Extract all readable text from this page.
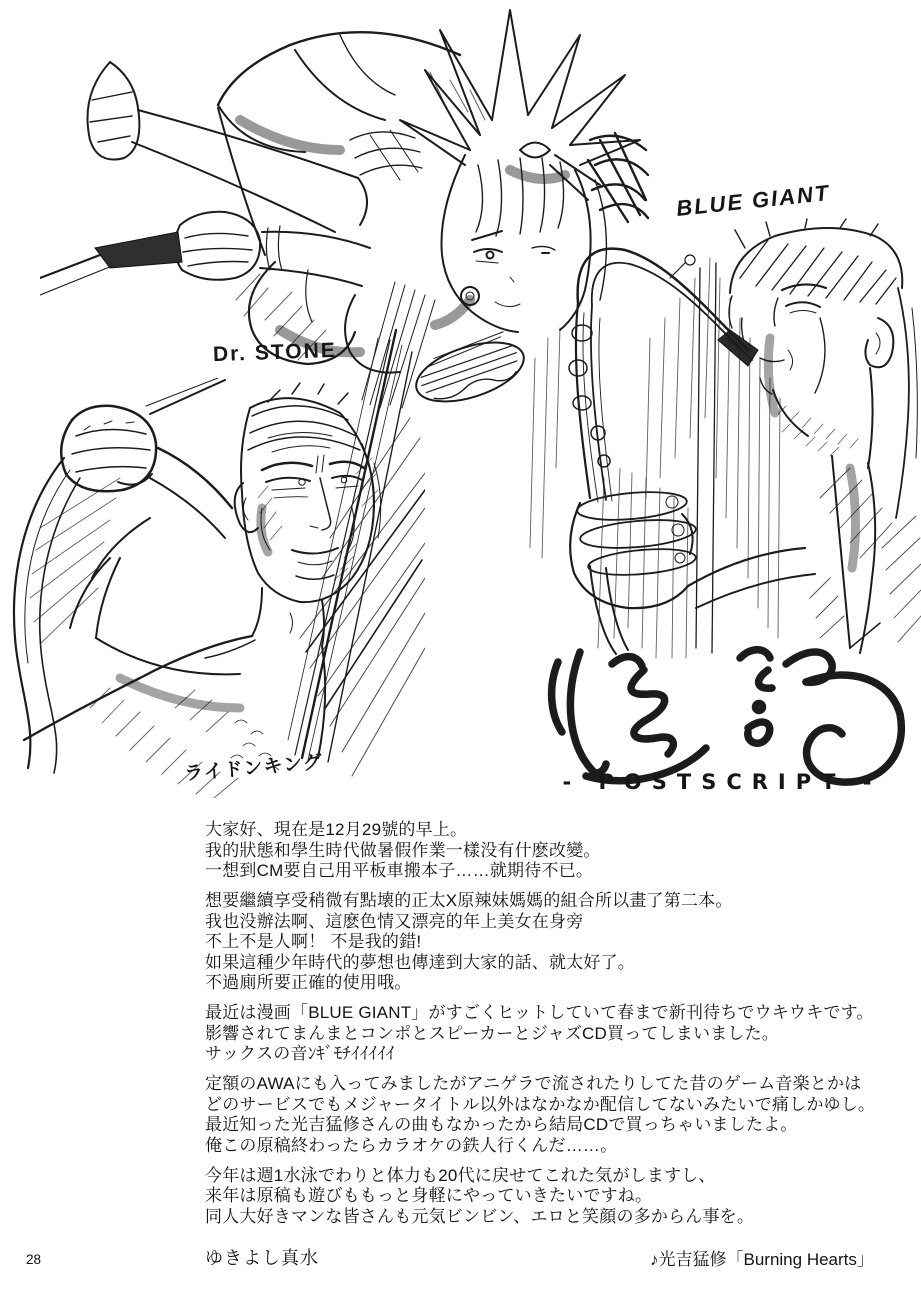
- POSTSCRIPT -
Dr. STONE
BLUE GIANT
ライドンキング
大家好、現在是12月29號的早上。
我的狀態和學生時代做暑假作業一樣没有什麽改變。
一想到CM要自己用平板車搬本子……就期待不已。
想要繼續享受稍微有點壊的正太X原辣妹媽媽的組合所以畫了第二本。
我也没辦法啊、這麽色情又漂亮的年上美女在身旁
不上不是人啊！ 不是我的錯!
如果這種少年時代的夢想也傳達到大家的話、就太好了。
不過廁所要正確的使用哦。
最近は漫画「BLUE GIANT」がすごくヒットしていて春まで新刊待ちでウキウキです。
影響されてまんまとコンポとスピーカーとジャズCD買ってしまいました。
サックスの音ﾝｷﾞﾓﾁｲｲｲｲｲ
定額のAWAにも入ってみましたがアニゲラで流されたりしてた昔のゲーム音楽とかは
どのサービスでもメジャータイトル以外はなかなか配信してないみたいで痛しかゆし。
最近知った光吉猛修さんの曲もなかったから結局CDで買っちゃいましたよ。
俺この原稿終わったらカラオケの鉄人行くんだ……。
今年は週1水泳でわりと体力も20代に戻せてこれた気がしますし、
来年は原稿も遊びももっと身軽にやっていきたいですね。
同人大好きマンな皆さんも元気ビンビン、エロと笑顔の多からん事を。
28	ゆきよし真水	♪光吉猛修「Burning Hearts」
